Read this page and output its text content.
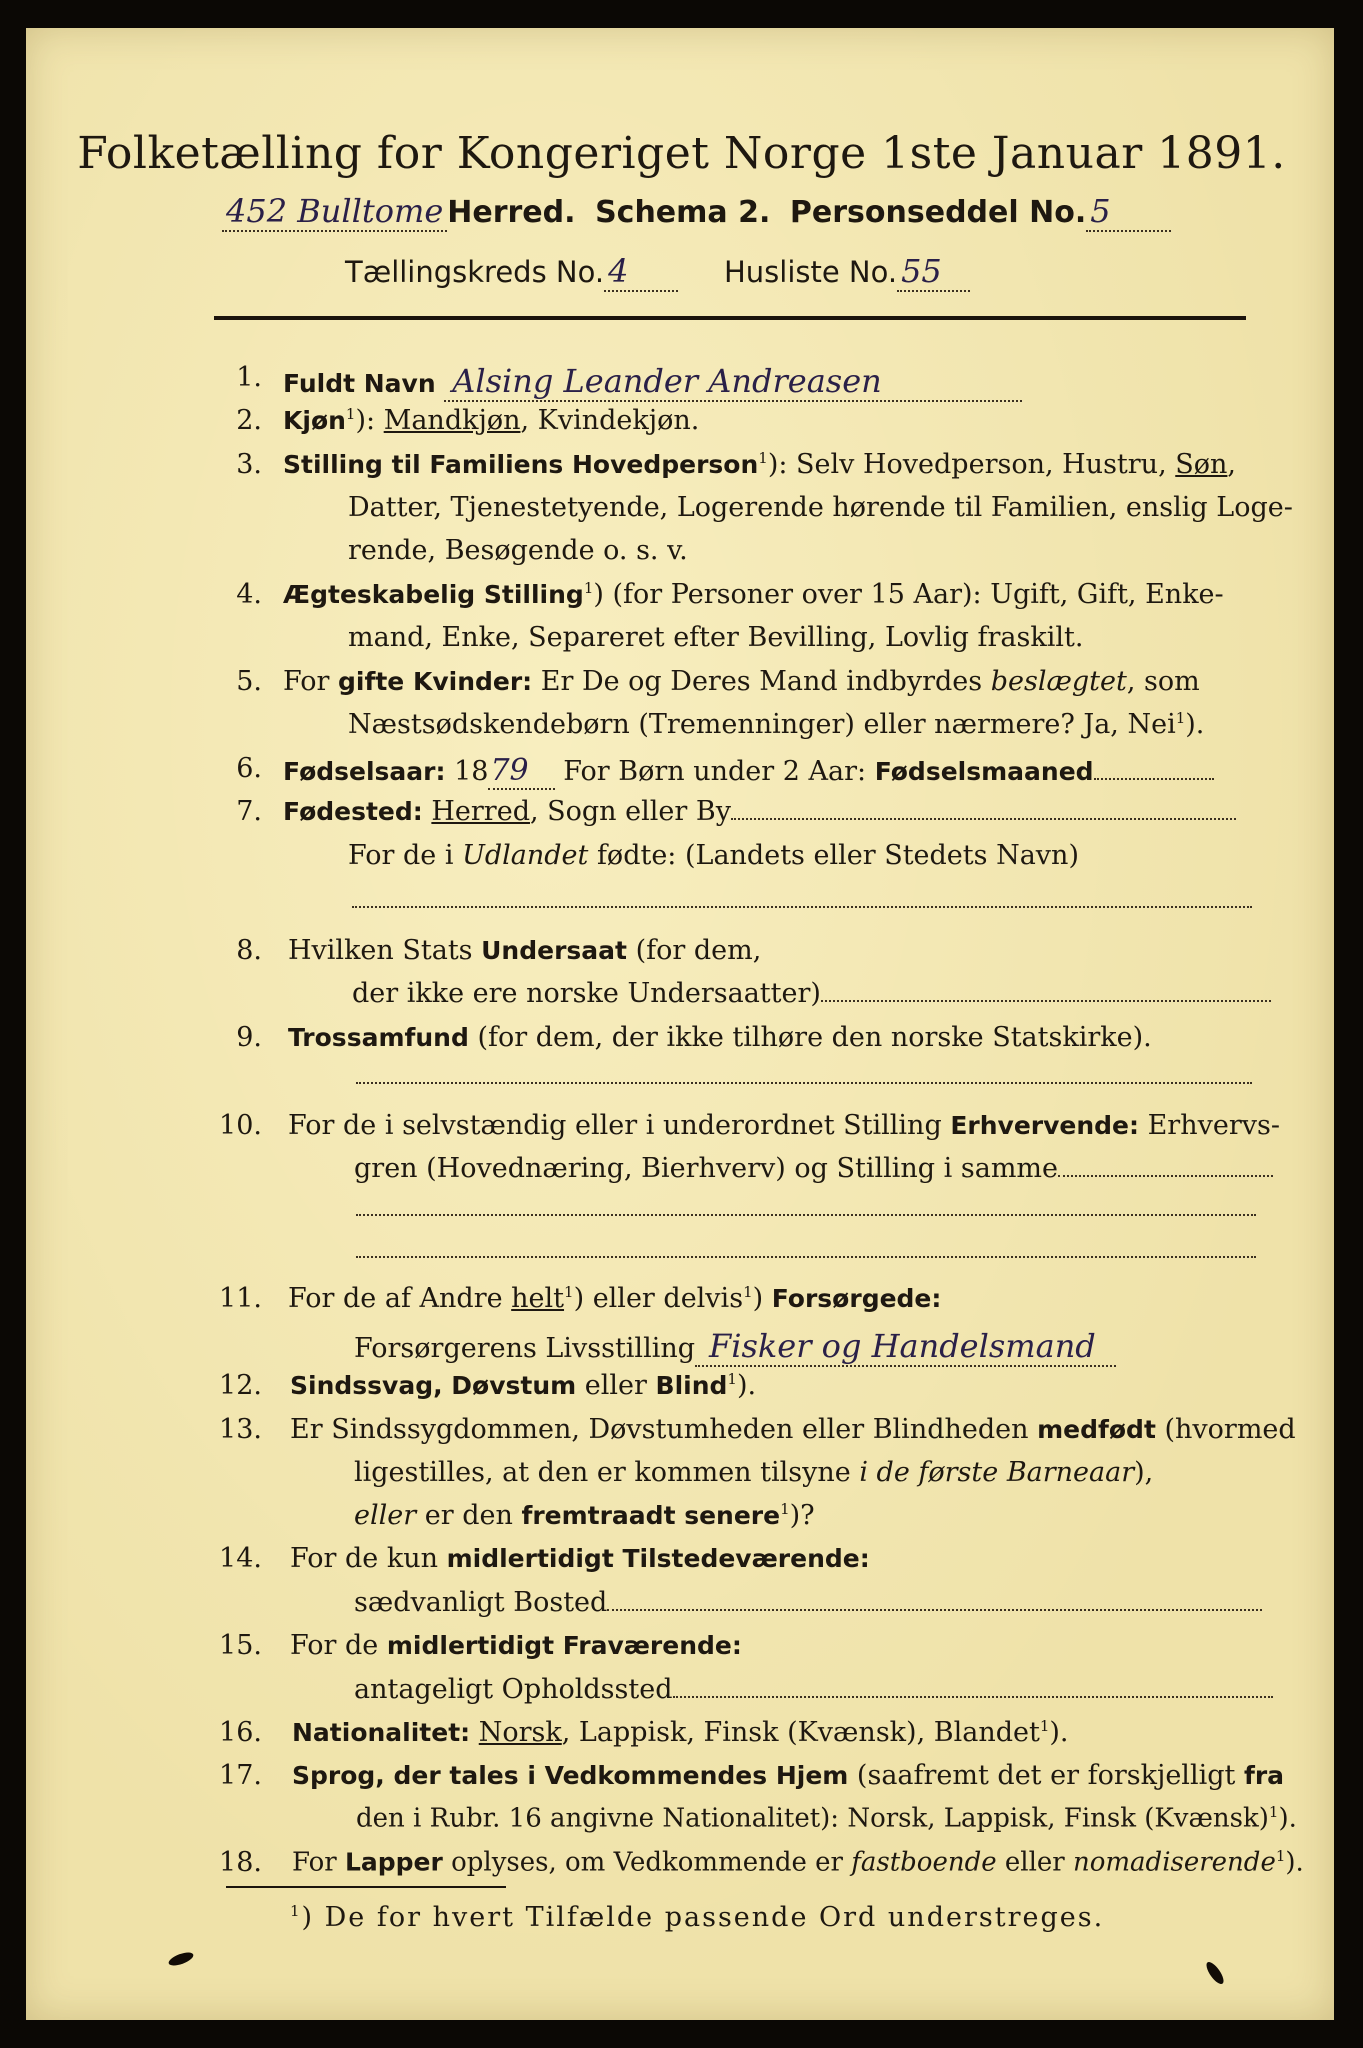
Folketælling for Kongeriget Norge 1ste Januar 1891.
452 Bulltome Herred. Schema 2. Personseddel No. 5
Tællingskreds No. 4	Husliste No. 55
1. Fuldt Navn Alsing Leander Andreasen
2. Kjøn$^1$): Mandkjøn, Kvindekjøn.
3. Stilling til Familiens Hovedperson$^1$): Selv Hovedperson, Hustru, Søn,
Datter, Tjenestetyende, Logerende hørende til Familien, enslig Loge-
rende, Besøgende o. s. v.
4. Ægteskabelig Stilling$^1$) (for Personer over 15 Aar): Ugift, Gift, Enke-
mand, Enke, Separeret efter Bevilling, Lovlig fraskilt.
5. For gifte Kvinder: Er De og Deres Mand indbyrdes beslægtet, som
Næstsødskendebørn (Tremenninger) eller nærmere? Ja, Nei$^1$).
6. Fødselsaar: 1879 For Børn under 2 Aar: Fødselsmaaned
7. Fødested: Herred, Sogn eller By
For de i Udlandet fødte: (Landets eller Stedets Navn)
8. Hvilken Stats Undersaat (for dem,
der ikke ere norske Undersaatter)
9. Trossamfund (for dem, der ikke tilhøre den norske Statskirke).
10. For de i selvstændig eller i underordnet Stilling Erhvervende: Erhvervs-
gren (Hovednæring, Bierhverv) og Stilling i samme
11. For de af Andre helt$^1$) eller delvis$^1$) Forsørgede:
Forsørgerens Livsstilling Fisker og Handelsmand
12. Sindssvag, Døvstum eller Blind$^1$).
13. Er Sindssygdommen, Døvstumheden eller Blindheden medfødt (hvormed
ligestilles, at den er kommen tilsyne i de første Barneaar),
eller er den fremtraadt senere$^1$)?
14. For de kun midlertidigt Tilstedeværende:
sædvanligt Bosted
15. For de midlertidigt Fraværende:
antageligt Opholdssted
16. Nationalitet: Norsk, Lappisk, Finsk (Kvænsk), Blandet$^1$).
17. Sprog, der tales i Vedkommendes Hjem (saafremt det er forskjelligt fra
den i Rubr. 16 angivne Nationalitet): Norsk, Lappisk, Finsk (Kvænsk)$^1$).
18. For Lapper oplyses, om Vedkommende er fastboende eller nomadiserende$^1$).
$^1$) De for hvert Tilfælde passende Ord understreges.
